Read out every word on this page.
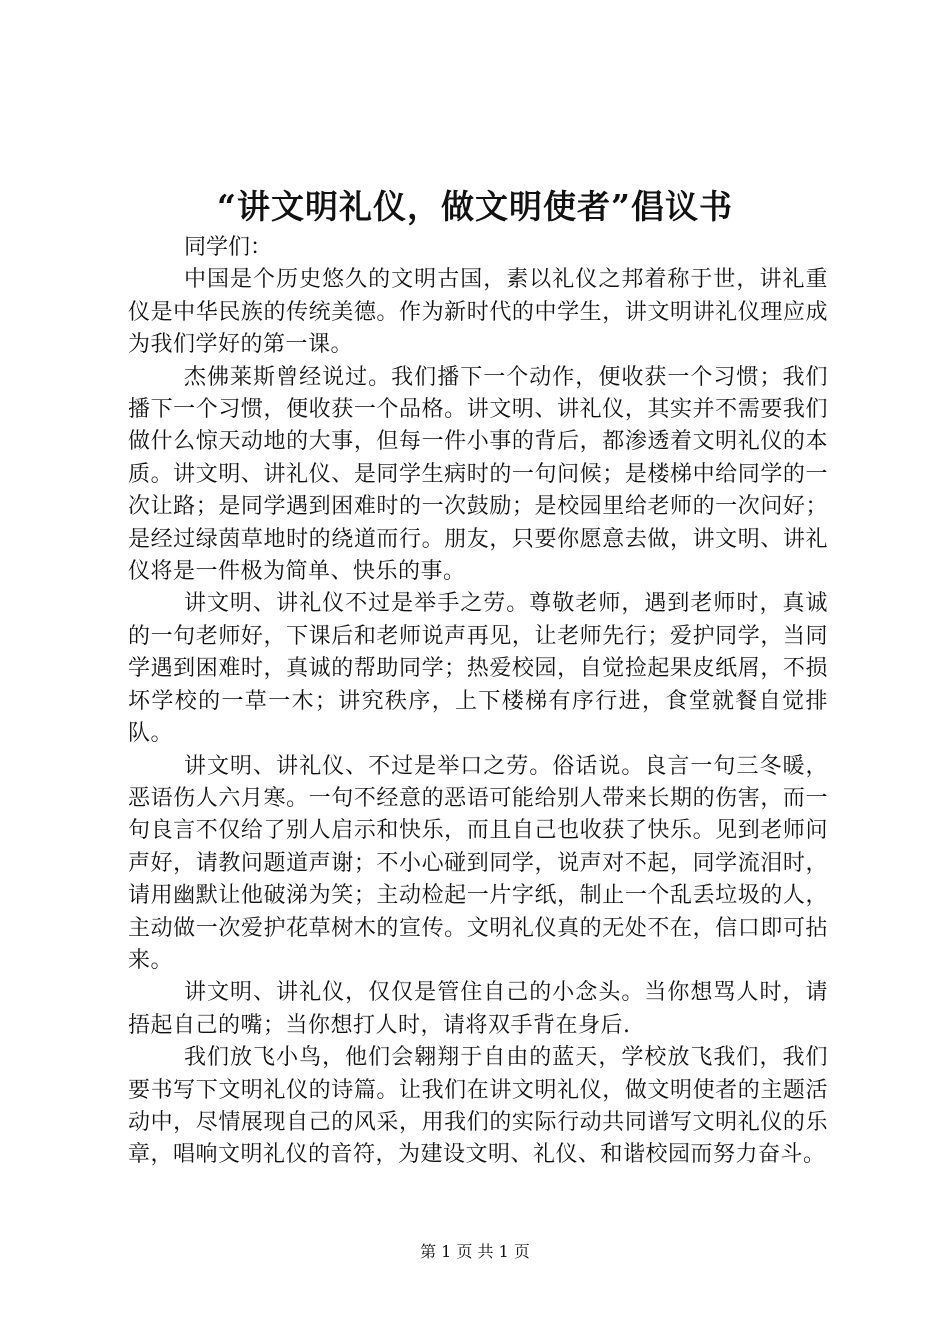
“讲文明礼仪，做文明使者”倡议书

同学们：

中国是个历史悠久的文明古国，素以礼仪之邦着称于世，讲礼重仪是中华民族的传统美德。作为新时代的中学生，讲文明讲礼仪理应成为我们学好的第一课。

杰佛莱斯曾经说过。我们播下一个动作，便收获一个习惯；我们播下一个习惯，便收获一个品格。讲文明、讲礼仪，其实并不需要我们做什么惊天动地的大事，但每一件小事的背后，都渗透着文明礼仪的本质。讲文明、讲礼仪、是同学生病时的一句问候；是楼梯中给同学的一次让路；是同学遇到困难时的一次鼓励；是校园里给老师的一次问好；是经过绿茵草地时的绕道而行。朋友，只要你愿意去做，讲文明、讲礼仪将是一件极为简单、快乐的事。

讲文明、讲礼仪不过是举手之劳。尊敬老师，遇到老师时，真诚的一句老师好，下课后和老师说声再见，让老师先行；爱护同学，当同学遇到困难时，真诚的帮助同学；热爱校园，自觉捡起果皮纸屑，不损坏学校的一草一木；讲究秩序，上下楼梯有序行进，食堂就餐自觉排队。

讲文明、讲礼仪、不过是举口之劳。俗话说。良言一句三冬暖，恶语伤人六月寒。一句不经意的恶语可能给别人带来长期的伤害，而一句良言不仅给了别人启示和快乐，而且自己也收获了快乐。见到老师问声好，请教问题道声谢；不小心碰到同学，说声对不起，同学流泪时，请用幽默让他破涕为笑；主动检起一片字纸，制止一个乱丢垃圾的人，主动做一次爱护花草树木的宣传。文明礼仪真的无处不在，信口即可拈来。

讲文明、讲礼仪，仅仅是管住自己的小念头。当你想骂人时，请捂起自己的嘴；当你想打人时，请将双手背在身后.

我们放飞小鸟，他们会翱翔于自由的蓝天，学校放飞我们，我们要书写下文明礼仪的诗篇。让我们在讲文明礼仪，做文明使者的主题活动中，尽情展现自己的风采，用我们的实际行动共同谱写文明礼仪的乐章，唱响文明礼仪的音符，为建设文明、礼仪、和谐校园而努力奋斗。

第 1 页 共 1 页
